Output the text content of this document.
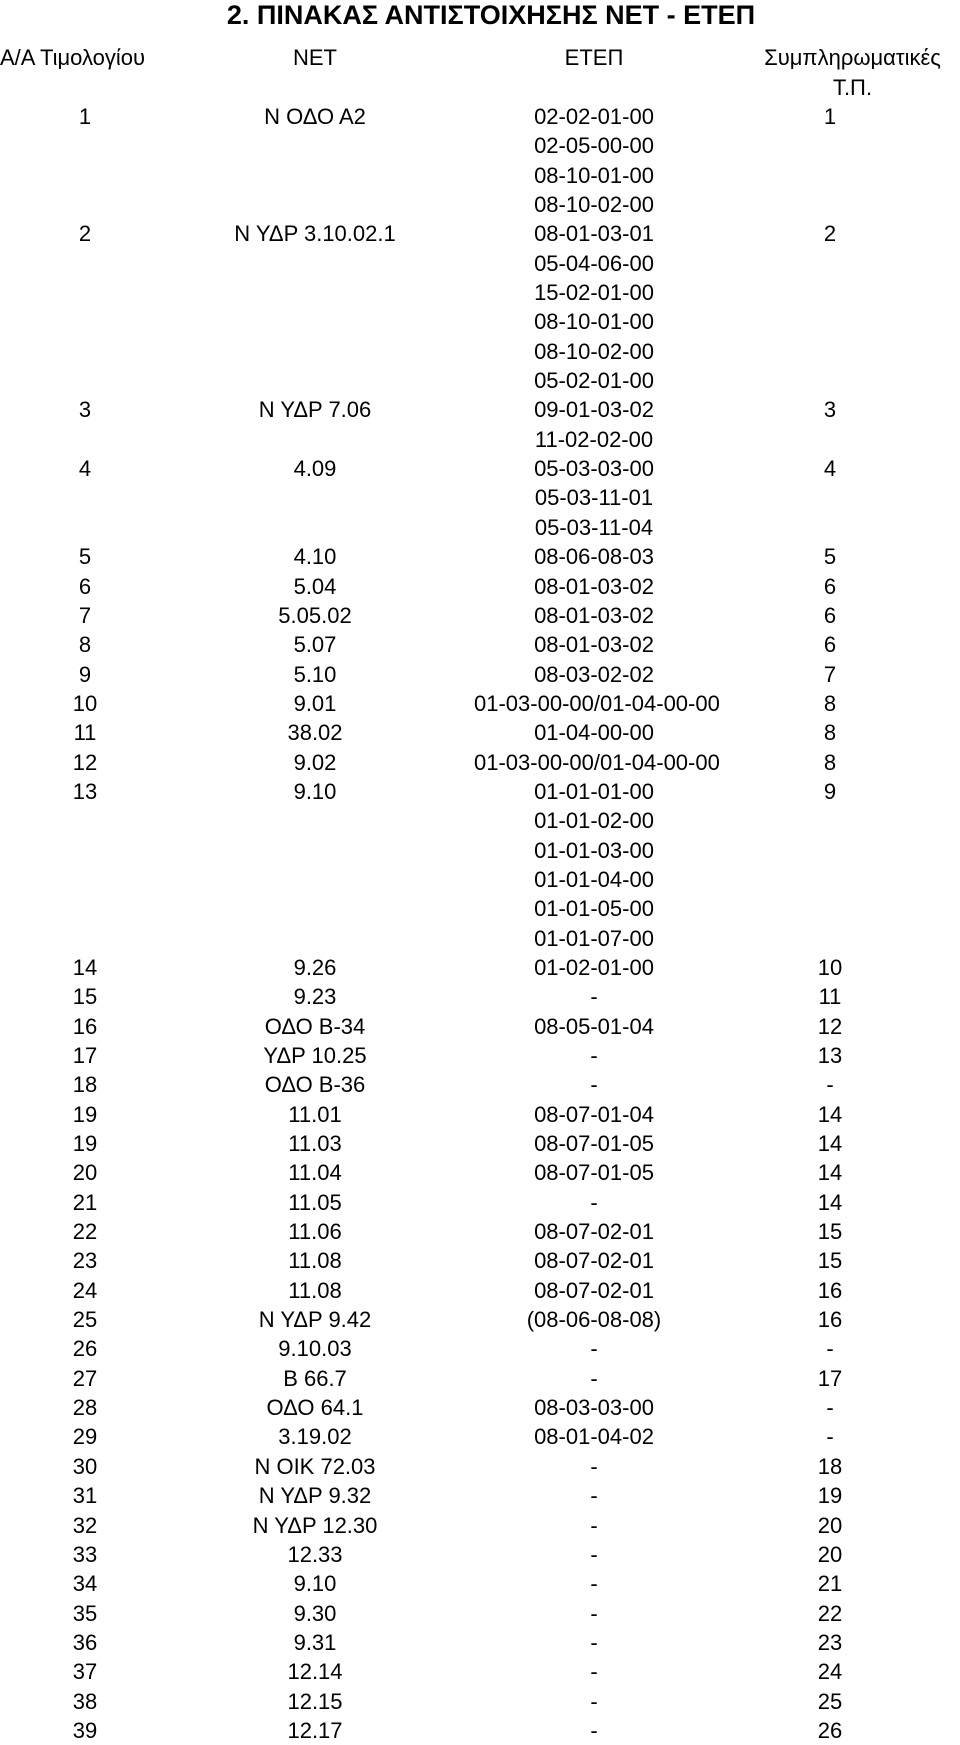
2. ΠΙΝΑΚΑΣ ΑΝΤΙΣΤΟΙΧΗΣΗΣ ΝΕΤ - ΕΤΕΠ
Α/Α Τιμολογίου	ΝΕΤ	ΕΤΕΠ	Συμπληρωματικές
Τ.Π.
1	Ν ΟΔΟ Α2	02-02-01-00	1
02-05-00-00
08-10-01-00
08-10-02-00
2	Ν ΥΔΡ 3.10.02.1	08-01-03-01	2
05-04-06-00
15-02-01-00
08-10-01-00
08-10-02-00
05-02-01-00
3	Ν ΥΔΡ 7.06	09-01-03-02	3
11-02-02-00
4	4.09	05-03-03-00	4
05-03-11-01
05-03-11-04
5	4.10	08-06-08-03	5
6	5.04	08-01-03-02	6
7	5.05.02	08-01-03-02	6
8	5.07	08-01-03-02	6
9	5.10	08-03-02-02	7
10	9.01	01-03-00-00/01-04-00-00	8
11	38.02	01-04-00-00	8
12	9.02	01-03-00-00/01-04-00-00	8
13	9.10	01-01-01-00	9
01-01-02-00
01-01-03-00
01-01-04-00
01-01-05-00
01-01-07-00
14	9.26	01-02-01-00	10
15	9.23	-	11
16	ΟΔΟ Β-34	08-05-01-04	12
17	ΥΔΡ 10.25	-	13
18	ΟΔΟ Β-36	-	-
19	11.01	08-07-01-04	14
19	11.03	08-07-01-05	14
20	11.04	08-07-01-05	14
21	11.05	-	14
22	11.06	08-07-02-01	15
23	11.08	08-07-02-01	15
24	11.08	08-07-02-01	16
25	Ν ΥΔΡ 9.42	(08-06-08-08)	16
26	9.10.03	-	-
27	Β 66.7	-	17
28	ΟΔΟ 64.1	08-03-03-00	-
29	3.19.02	08-01-04-02	-
30	Ν ΟΙΚ 72.03	-	18
31	Ν ΥΔΡ 9.32	-	19
32	Ν ΥΔΡ 12.30	-	20
33	12.33	-	20
34	9.10	-	21
35	9.30	-	22
36	9.31	-	23
37	12.14	-	24
38	12.15	-	25
39	12.17	-	26
